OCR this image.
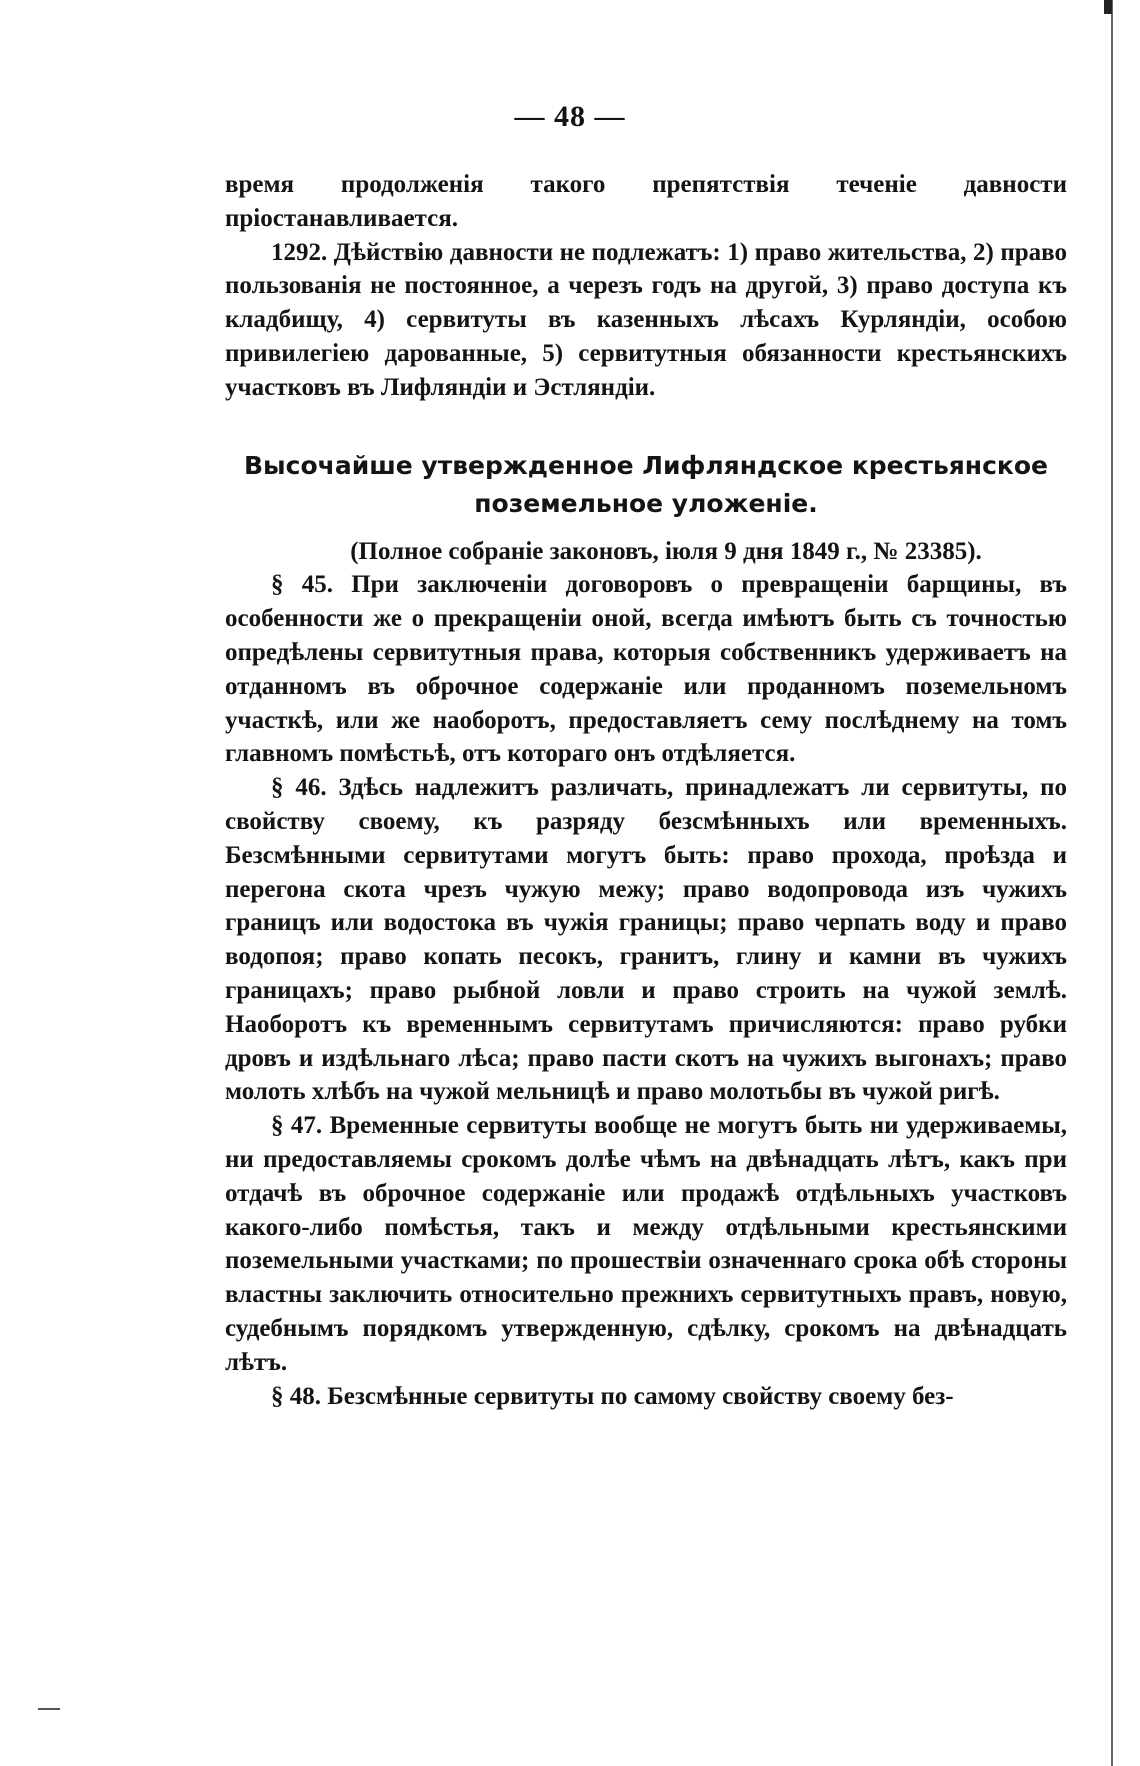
— 48 —

время продолженія такого препятствія теченіе давности пріостанавливается.

1292. Дѣйствію давности не подлежатъ: 1) право жительства, 2) право пользованія не постоянное, а черезъ годъ на другой, 3) право доступа къ кладбищу, 4) сервитуты въ казенныхъ лѣсахъ Курляндіи, особою привилегіею дарованные, 5) сервитутныя обязанности крестьянскихъ участковъ въ Лифляндіи и Эстляндіи.

Высочайше утвержденное Лифляндское крестьянское
поземельное уложеніе.
(Полное собраніе законовъ, іюля 9 дня 1849 г., № 23385).

§ 45. При заключеніи договоровъ о превращеніи барщины, въ особенности же о прекращеніи оной, всегда имѣютъ быть съ точностью опредѣлены сервитутныя права, которыя собственникъ удерживаетъ на отданномъ въ оброчное содержаніе или проданномъ поземельномъ участкѣ, или же наоборотъ, предоставляетъ сему послѣднему на томъ главномъ помѣстьѣ, отъ котораго онъ отдѣляется.

§ 46. Здѣсь надлежитъ различать, принадлежатъ ли сервитуты, по свойству своему, къ разряду безсмѣнныхъ или временныхъ. Безсмѣнными сервитутами могутъ быть: право прохода, проѣзда и перегона скота чрезъ чужую межу; право водопровода изъ чужихъ границъ или водостока въ чужія границы; право черпать воду и право водопоя; право копать песокъ, гранитъ, глину и камни въ чужихъ границахъ; право рыбной ловли и право строить на чужой землѣ. Наоборотъ къ временнымъ сервитутамъ причисляются: право рубки дровъ и издѣльнаго лѣса; право пасти скотъ на чужихъ выгонахъ; право молоть хлѣбъ на чужой мельницѣ и право молотьбы въ чужой ригѣ.

§ 47. Временные сервитуты вообще не могутъ быть ни удерживаемы, ни предоставляемы срокомъ долѣе чѣмъ на двѣнадцать лѣтъ, какъ при отдачѣ въ оброчное содержаніе или продажѣ отдѣльныхъ участковъ какого-либо помѣстья, такъ и между отдѣльными крестьянскими поземельными участками; по прошествіи означеннаго срока обѣ стороны властны заключить относительно прежнихъ сервитутныхъ правъ, новую, судебнымъ порядкомъ утвержденную, сдѣлку, срокомъ на двѣнадцать лѣтъ.

§ 48. Безсмѣнные сервитуты по самому свойству своему без-
